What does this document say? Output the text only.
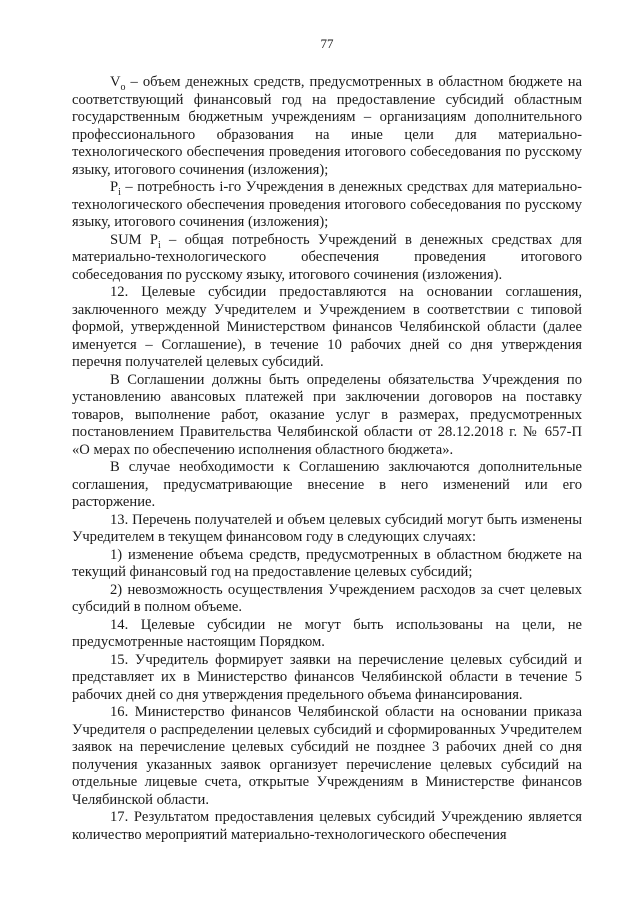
77

$V_o$ – объем денежных средств, предусмотренных в областном бюджете на соответствующий финансовый год на предоставление субсидий областным государственным бюджетным учреждениям – организациям дополнительного профессионального образования на иные цели для материально-технологического обеспечения проведения итогового собеседования по русскому языку, итогового сочинения (изложения);

$P_i$ – потребность i-го Учреждения в денежных средствах для материально-технологического обеспечения проведения итогового собеседования по русскому языку, итогового сочинения (изложения);

SUM $P_i$ – общая потребность Учреждений в денежных средствах для материально-технологического обеспечения проведения итогового собеседования по русскому языку, итогового сочинения (изложения).

12. Целевые субсидии предоставляются на основании соглашения, заключенного между Учредителем и Учреждением в соответствии с типовой формой, утвержденной Министерством финансов Челябинской области (далее именуется – Соглашение), в течение 10 рабочих дней со дня утверждения перечня получателей целевых субсидий.

В Соглашении должны быть определены обязательства Учреждения по установлению авансовых платежей при заключении договоров на поставку товаров, выполнение работ, оказание услуг в размерах, предусмотренных постановлением Правительства Челябинской области от 28.12.2018 г. № 657-П «О мерах по обеспечению исполнения областного бюджета».

В случае необходимости к Соглашению заключаются дополнительные соглашения, предусматривающие внесение в него изменений или его расторжение.

13. Перечень получателей и объем целевых субсидий могут быть изменены Учредителем в текущем финансовом году в следующих случаях:

1) изменение объема средств, предусмотренных в областном бюджете на текущий финансовый год на предоставление целевых субсидий;

2) невозможность осуществления Учреждением расходов за счет целевых субсидий в полном объеме.

14. Целевые субсидии не могут быть использованы на цели, не предусмотренные настоящим Порядком.

15. Учредитель формирует заявки на перечисление целевых субсидий и представляет их в Министерство финансов Челябинской области в течение 5 рабочих дней со дня утверждения предельного объема финансирования.

16. Министерство финансов Челябинской области на основании приказа Учредителя о распределении целевых субсидий и сформированных Учредителем заявок на перечисление целевых субсидий не позднее 3 рабочих дней со дня получения указанных заявок организует перечисление целевых субсидий на отдельные лицевые счета, открытые Учреждениям в Министерстве финансов Челябинской области.

17. Результатом предоставления целевых субсидий Учреждению является количество мероприятий материально-технологического обеспечения
